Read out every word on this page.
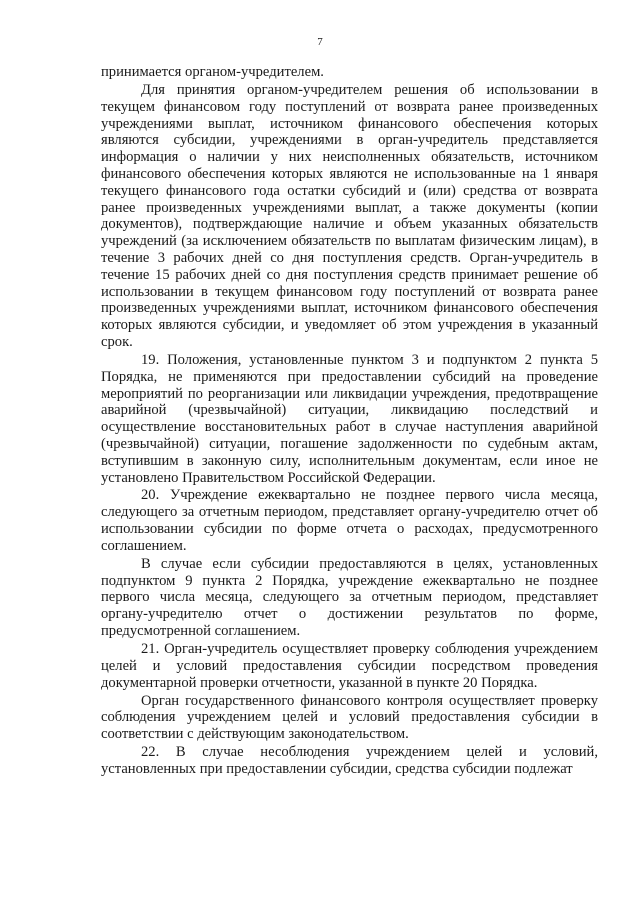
7

принимается органом-учредителем.

Для принятия органом-учредителем решения об использовании в текущем финансовом году поступлений от возврата ранее произведенных учреждениями выплат, источником финансового обеспечения которых являются субсидии, учреждениями в орган-учредитель представляется информация о наличии у них неисполненных обязательств, источником финансового обеспечения которых являются не использованные на 1 января текущего финансового года остатки субсидий и (или) средства от возврата ранее произведенных учреждениями выплат, а также документы (копии документов), подтверждающие наличие и объем указанных обязательств учреждений (за исключением обязательств по выплатам физическим лицам), в течение 3 рабочих дней со дня поступления средств. Орган-учредитель в течение 15 рабочих дней со дня поступления средств принимает решение об использовании в текущем финансовом году поступлений от возврата ранее произведенных учреждениями выплат, источником финансового обеспечения которых являются субсидии, и уведомляет об этом учреждения в указанный срок.

19. Положения, установленные пунктом 3 и подпунктом 2 пункта 5 Порядка, не применяются при предоставлении субсидий на проведение мероприятий по реорганизации или ликвидации учреждения, предотвращение аварийной (чрезвычайной) ситуации, ликвидацию последствий и осуществление восстановительных работ в случае наступления аварийной (чрезвычайной) ситуации, погашение задолженности по судебным актам, вступившим в законную силу, исполнительным документам, если иное не установлено Правительством Российской Федерации.

20. Учреждение ежеквартально не позднее первого числа месяца, следующего за отчетным периодом, представляет органу-учредителю отчет об использовании субсидии по форме отчета о расходах, предусмотренного соглашением.

В случае если субсидии предоставляются в целях, установленных подпунктом 9 пункта 2 Порядка, учреждение ежеквартально не позднее первого числа месяца, следующего за отчетным периодом, представляет органу-учредителю отчет о достижении результатов по форме, предусмотренной соглашением.

21. Орган-учредитель осуществляет проверку соблюдения учреждением целей и условий предоставления субсидии посредством проведения документарной проверки отчетности, указанной в пункте 20 Порядка.

Орган государственного финансового контроля осуществляет проверку соблюдения учреждением целей и условий предоставления субсидии в соответствии с действующим законодательством.

22. В случае несоблюдения учреждением целей и условий, установленных при предоставлении субсидии, средства субсидии подлежат
